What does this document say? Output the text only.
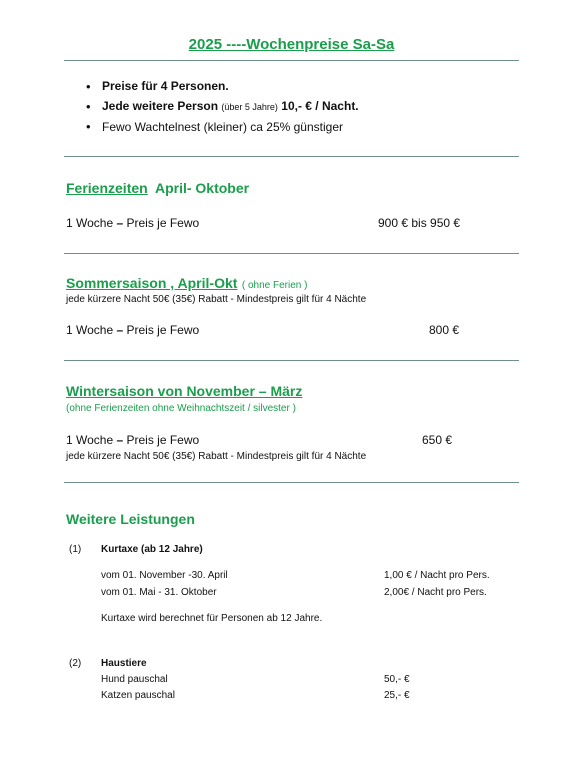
2025 ----Wochenpreise Sa-Sa
• Preise für 4 Personen.
• Jede weitere Person (über 5 Jahre) 10,- € / Nacht.
• Fewo Wachtelnest (kleiner) ca 25% günstiger
Ferienzeiten April- Oktober
1 Woche – Preis je Fewo	900 € bis 950 €
Sommersaison , April-Okt ( ohne Ferien )
jede kürzere Nacht 50€ (35€) Rabatt - Mindestpreis gilt für 4 Nächte
1 Woche – Preis je Fewo	800 €
Wintersaison von November – März
(ohne Ferienzeiten ohne Weihnachtszeit / silvester )
1 Woche – Preis je Fewo	650 €
jede kürzere Nacht 50€ (35€) Rabatt - Mindestpreis gilt für 4 Nächte
Weitere Leistungen
(1) Kurtaxe (ab 12 Jahre)
vom 01. November -30. April	1,00 € / Nacht pro Pers.
vom 01. Mai - 31. Oktober	2,00€ / Nacht pro Pers.
Kurtaxe wird berechnet für Personen ab 12 Jahre.
(2) Haustiere
Hund pauschal	50,- €
Katzen pauschal	25,- €
